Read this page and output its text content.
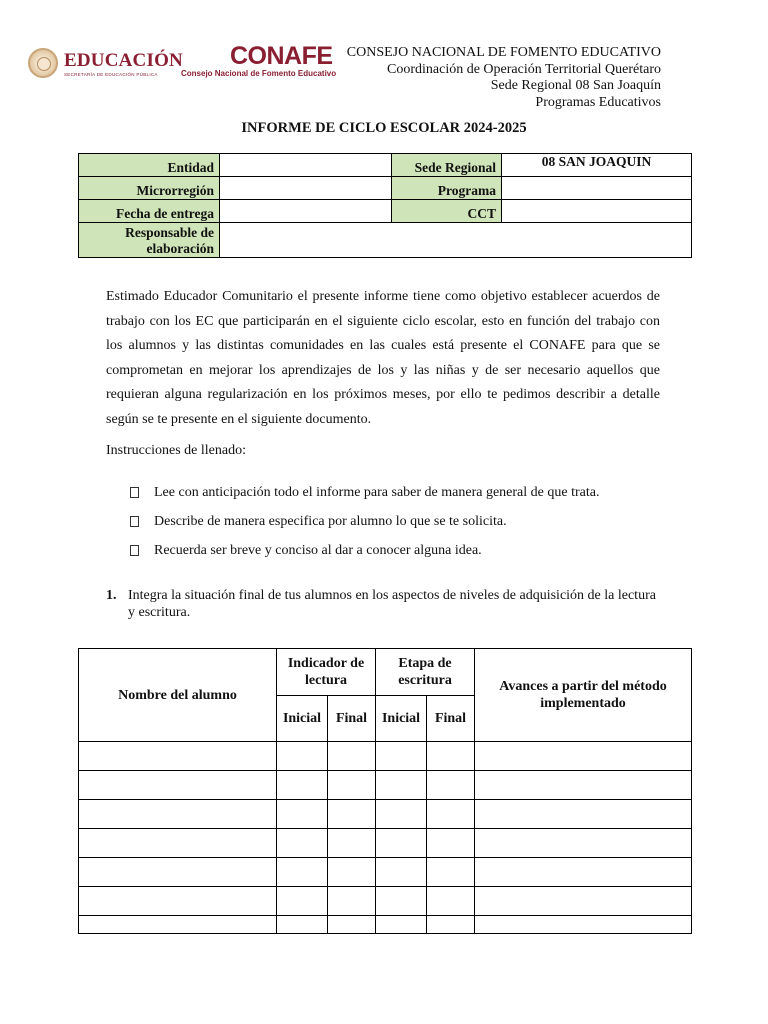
EDUCACIÓN
SECRETARÍA DE EDUCACIÓN PÚBLICA
CONAFE
Consejo Nacional de Fomento Educativo
CONSEJO NACIONAL DE FOMENTO EDUCATIVO
Coordinación de Operación Territorial Querétaro
Sede Regional 08 San Joaquín
Programas Educativos
INFORME DE CICLO ESCOLAR 2024-2025
Entidad		Sede Regional	08 SAN JOAQUIN
Microrregión		Programa	
Fecha de entrega		CCT	
Responsable de
elaboración			
Estimado Educador Comunitario el presente informe tiene como objetivo establecer acuerdos de trabajo con los EC que participarán en el siguiente ciclo escolar, esto en función del trabajo con los alumnos y las distintas comunidades en las cuales está presente el CONAFE para que se comprometan en mejorar los aprendizajes de los y las niñas y de ser necesario aquellos que requieran alguna regularización en los próximos meses, por ello te pedimos describir a detalle según se te presente en el siguiente documento.
Instrucciones de llenado:
Lee con anticipación todo el informe para saber de manera general de que trata.
Describe de manera especifica por alumno lo que se te solicita.
Recuerda ser breve y conciso al dar a conocer alguna idea.
1. Integra la situación final de tus alumnos en los aspectos de niveles de adquisición de la lectura y escritura.
Nombre del alumno	Indicador de lectura		Etapa de escritura		Avances a partir del método implementado
	Inicial	Final	Inicial	Final	
